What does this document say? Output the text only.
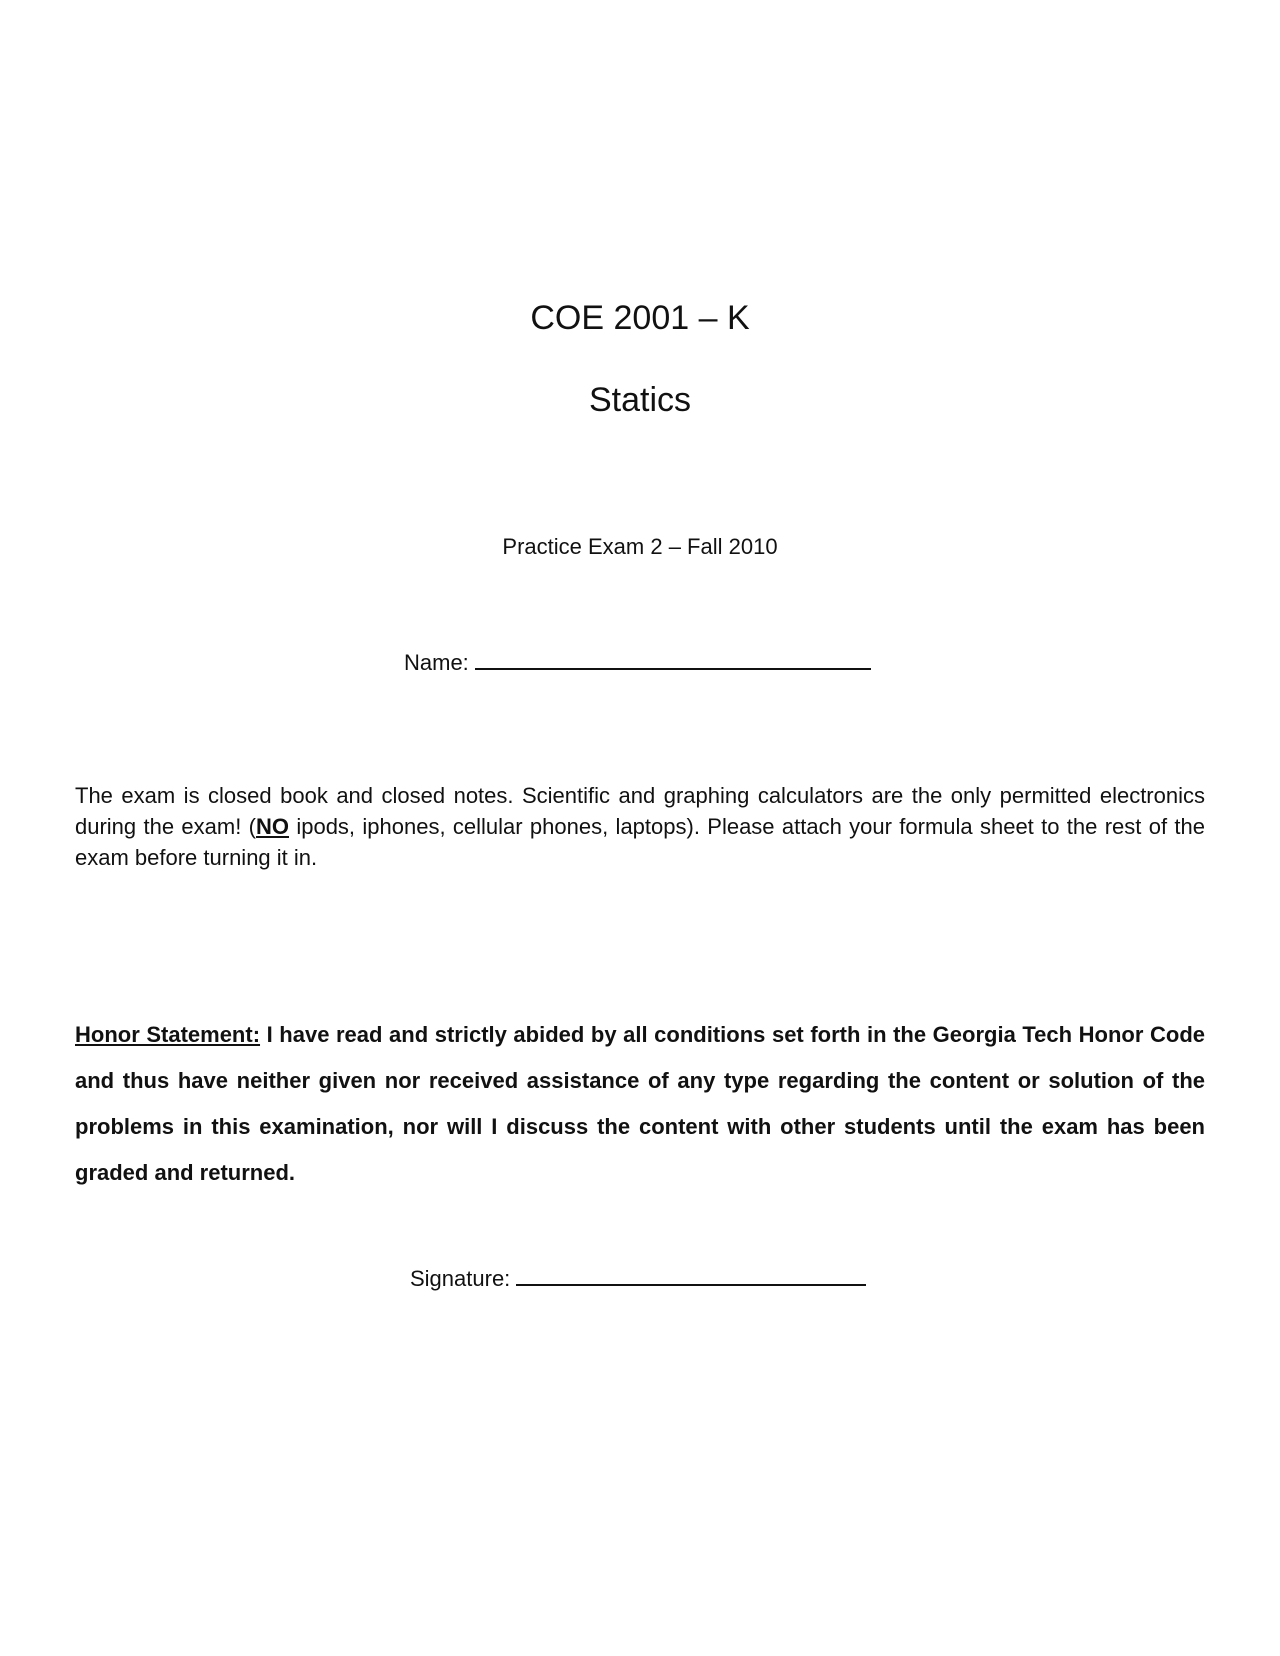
COE 2001 – K
Statics
Practice Exam 2 – Fall 2010
Name:
The exam is closed book and closed notes. Scientific and graphing calculators are the only permitted electronics during the exam! (NO ipods, iphones, cellular phones, laptops). Please attach your formula sheet to the rest of the exam before turning it in.
Honor Statement: I have read and strictly abided by all conditions set forth in the Georgia Tech Honor Code and thus have neither given nor received assistance of any type regarding the content or solution of the problems in this examination, nor will I discuss the content with other students until the exam has been graded and returned.
Signature:
